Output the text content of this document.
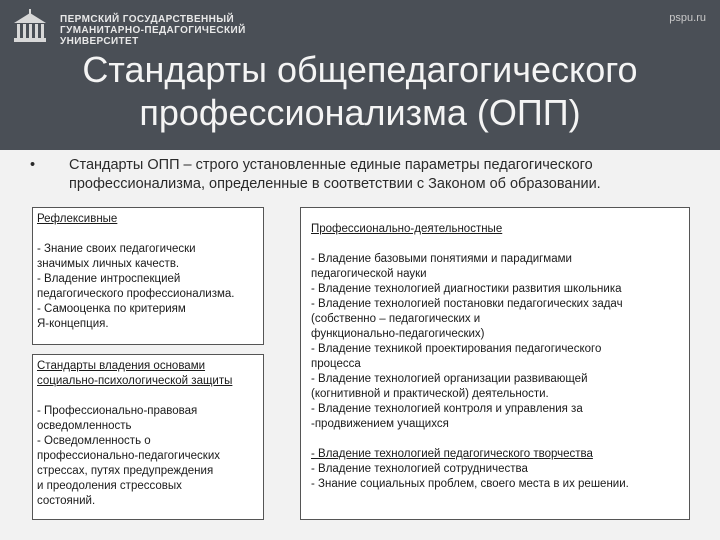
ПЕРМСКИЙ ГОСУДАРСТВЕННЫЙ
ГУМАНИТАРНО-ПЕДАГОГИЧЕСКИЙ
УНИВЕРСИТЕТ
pspu.ru
Стандарты общепедагогического
профессионализма (ОПП)
• Стандарты ОПП – строго установленные единые параметры педагогического
профессионализма, определенные в соответствии с Законом об образовании.
Рефлексивные
- Знание своих педагогически
значимых личных качеств.
- Владение интроспекцией
педагогического профессионализма.
- Самооценка по критериям
Я-концепция.
Стандарты владения основами
социально-психологической защиты
- Профессионально-правовая
осведомленность
- Осведомленность о
профессионально-педагогических
стрессах, путях предупреждения
и преодоления стрессовых
состояний.
Профессионально-деятельностные
- Владение базовыми понятиями и парадигмами
педагогической науки
- Владение технологией диагностики развития школьника
- Владение технологией постановки педагогических задач
(собственно – педагогических и
функционально-педагогических)
- Владение техникой проектирования педагогического
процесса
- Владение технологией организации развивающей
(когнитивной и практической) деятельности.
- Владение технологией контроля и управления за
-продвижением учащихся
- Владение технологией педагогического творчества
- Владение технологией сотрудничества
- Знание социальных проблем, своего места в их решении.
